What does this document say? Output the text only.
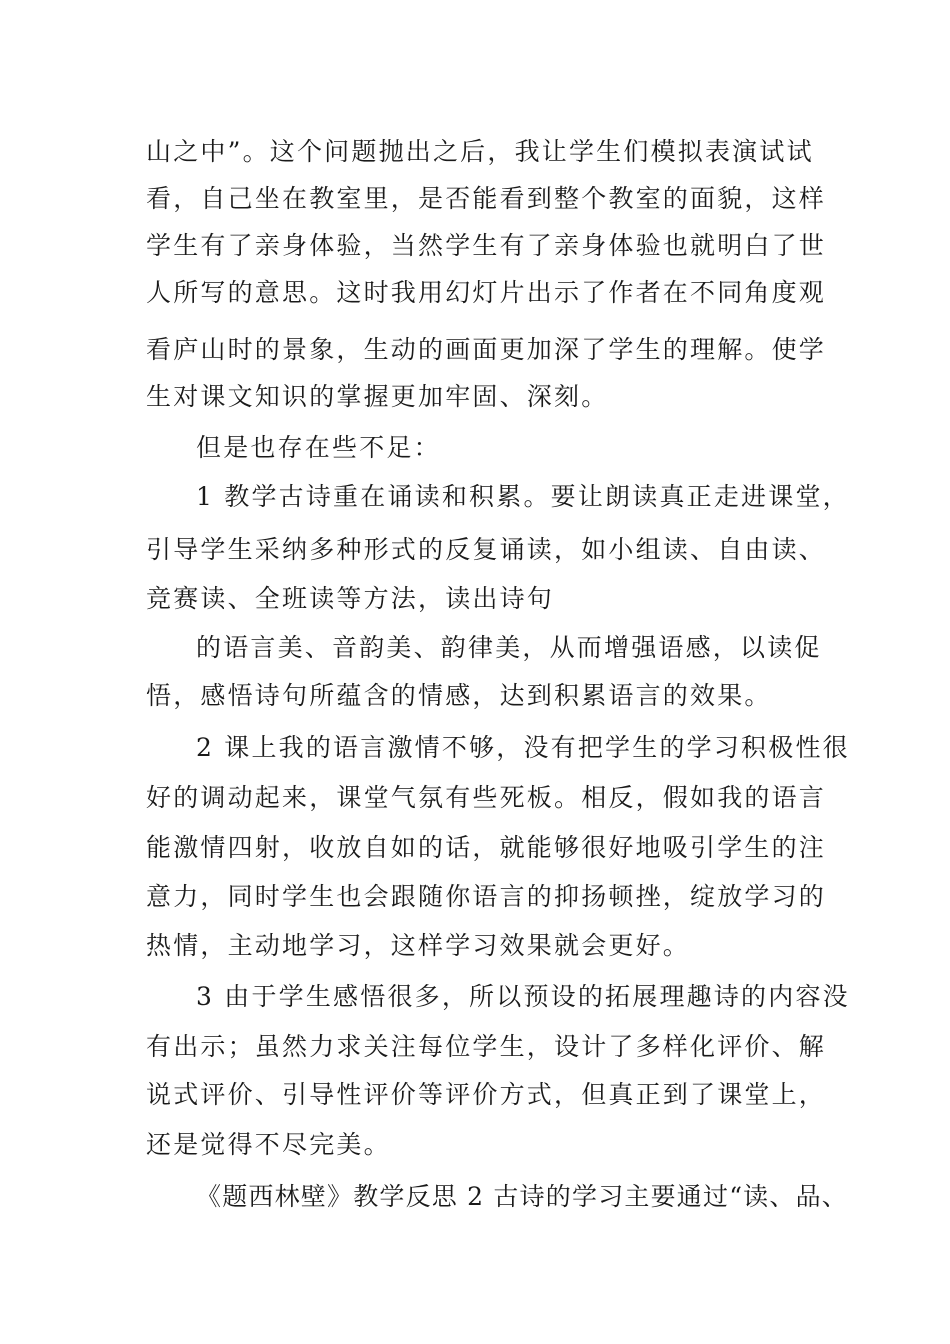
山之中”。这个问题抛出之后，我让学生们模拟表演试试
看，自己坐在教室里，是否能看到整个教室的面貌，这样
学生有了亲身体验，当然学生有了亲身体验也就明白了世
人所写的意思。这时我用幻灯片出示了作者在不同角度观
看庐山时的景象，生动的画面更加深了学生的理解。使学
生对课文知识的掌握更加牢固、深刻。
但是也存在些不足：
1 教学古诗重在诵读和积累。要让朗读真正走进课堂，
引导学生采纳多种形式的反复诵读，如小组读、自由读、
竞赛读、全班读等方法，读出诗句
的语言美、音韵美、韵律美，从而增强语感，以读促
悟，感悟诗句所蕴含的情感，达到积累语言的效果。
2 课上我的语言激情不够，没有把学生的学习积极性很
好的调动起来，课堂气氛有些死板。相反，假如我的语言
能激情四射，收放自如的话，就能够很好地吸引学生的注
意力，同时学生也会跟随你语言的抑扬顿挫，绽放学习的
热情，主动地学习，这样学习效果就会更好。
3 由于学生感悟很多，所以预设的拓展理趣诗的内容没
有出示；虽然力求关注每位学生，设计了多样化评价、解
说式评价、引导性评价等评价方式，但真正到了课堂上，
还是觉得不尽完美。
《题西林壁》教学反思 2 古诗的学习主要通过“读、品、
